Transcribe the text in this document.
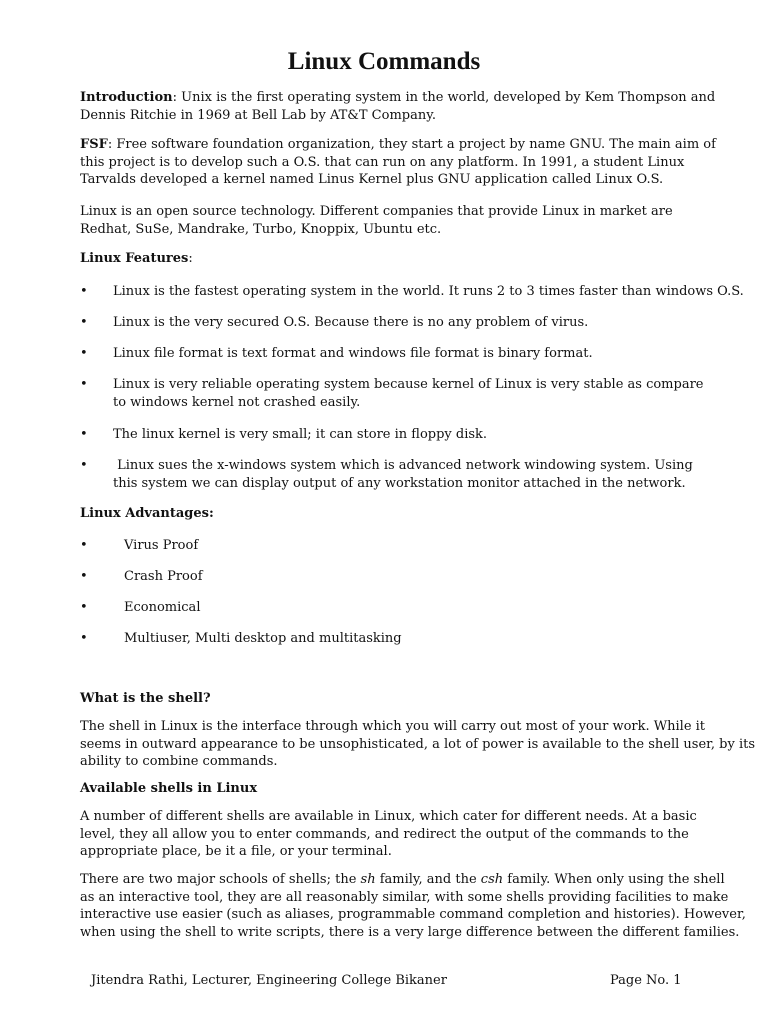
Linux Commands

Introduction: Unix is the first operating system in the world, developed by Kem Thompson and
Dennis Ritchie in 1969 at Bell Lab by AT&T Company.

FSF: Free software foundation organization, they start a project by name GNU. The main aim of
this project is to develop such a O.S. that can run on any platform. In 1991, a student Linux
Tarvalds developed a kernel named Linus Kernel plus GNU application called Linux O.S.

Linux is an open source technology. Different companies that provide Linux in market are
Redhat, SuSe, Mandrake, Turbo, Knoppix, Ubuntu etc.

Linux Features:

• Linux is the fastest operating system in the world. It runs 2 to 3 times faster than windows O.S.
• Linux is the very secured O.S. Because there is no any problem of virus.
• Linux file format is text format and windows file format is binary format.
• Linux is very reliable operating system because kernel of Linux is very stable as compare
to windows kernel not crashed easily.
• The linux kernel is very small; it can store in floppy disk.
• Linux sues the x-windows system which is advanced network windowing system. Using
this system we can display output of any workstation monitor attached in the network.

Linux Advantages:

•	Virus Proof
•	Crash Proof
•	Economical
•	Multiuser, Multi desktop and multitasking

What is the shell?

The shell in Linux is the interface through which you will carry out most of your work. While it
seems in outward appearance to be unsophisticated, a lot of power is available to the shell user, by its
ability to combine commands.

Available shells in Linux

A number of different shells are available in Linux, which cater for different needs. At a basic
level, they all allow you to enter commands, and redirect the output of the commands to the
appropriate place, be it a file, or your terminal.

There are two major schools of shells; the sh family, and the csh family. When only using the shell
as an interactive tool, they are all reasonably similar, with some shells providing facilities to make
interactive use easier (such as aliases, programmable command completion and histories). However,
when using the shell to write scripts, there is a very large difference between the different families.

Jitendra Rathi, Lecturer, Engineering College Bikaner	Page No. 1
